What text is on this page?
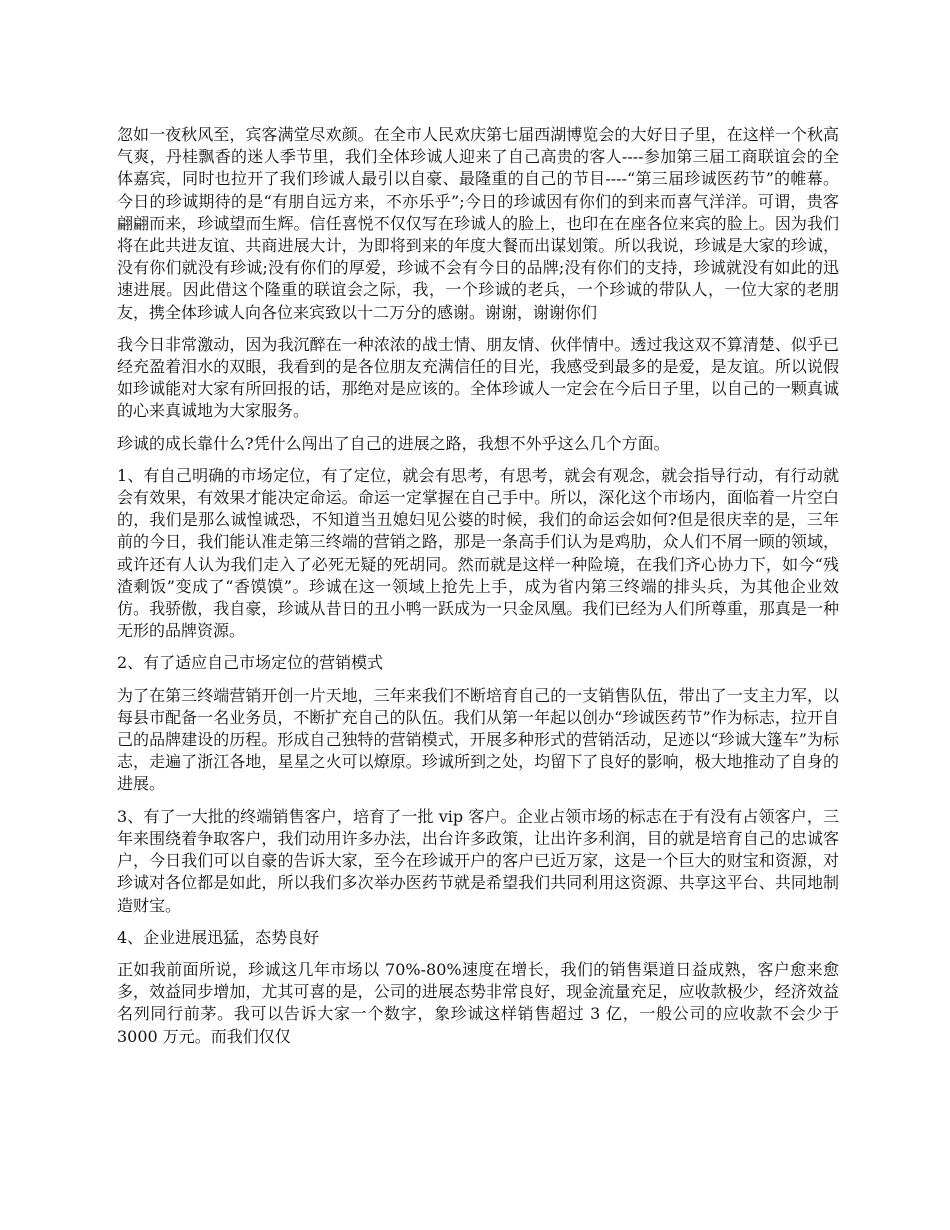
忽如一夜秋风至，宾客满堂尽欢颜。在全市人民欢庆第七届西湖博览会的大好日子里，在这样一个秋高气爽，丹桂飘香的迷人季节里，我们全体珍诚人迎来了自己高贵的客人----参加第三届工商联谊会的全体嘉宾，同时也拉开了我们珍诚人最引以自豪、最隆重的自己的节目----“第三届珍诚医药节”的帷幕。今日的珍诚期待的是“有朋自远方来，不亦乐乎”;今日的珍诚因有你们的到来而喜气洋洋。可谓，贵客翩翩而来，珍诚望而生辉。信任喜悦不仅仅写在珍诚人的脸上，也印在在座各位来宾的脸上。因为我们将在此共进友谊、共商进展大计，为即将到来的年度大餐而出谋划策。所以我说，珍诚是大家的珍诚，没有你们就没有珍诚;没有你们的厚爱，珍诚不会有今日的品牌;没有你们的支持，珍诚就没有如此的迅速进展。因此借这个隆重的联谊会之际，我，一个珍诚的老兵，一个珍诚的带队人，一位大家的老朋友，携全体珍诚人向各位来宾致以十二万分的感谢。谢谢，谢谢你们

我今日非常激动，因为我沉醉在一种浓浓的战士情、朋友情、伙伴情中。透过我这双不算清楚、似乎已经充盈着泪水的双眼，我看到的是各位朋友充满信任的目光，我感受到最多的是爱，是友谊。所以说假如珍诚能对大家有所回报的话，那绝对是应该的。全体珍诚人一定会在今后日子里，以自己的一颗真诚的心来真诚地为大家服务。

珍诚的成长靠什么?凭什么闯出了自己的进展之路，我想不外乎这么几个方面。

1、有自己明确的市场定位，有了定位，就会有思考，有思考，就会有观念，就会指导行动，有行动就会有效果，有效果才能决定命运。命运一定掌握在自己手中。所以，深化这个市场内，面临着一片空白的，我们是那么诚惶诚恐，不知道当丑媳妇见公婆的时候，我们的命运会如何?但是很庆幸的是，三年前的今日，我们能认准走第三终端的营销之路，那是一条高手们认为是鸡肋，众人们不屑一顾的领域，或许还有人认为我们走入了必死无疑的死胡同。然而就是这样一种险境，在我们齐心协力下，如今“残渣剩饭”变成了“香馍馍”。珍诚在这一领域上抢先上手，成为省内第三终端的排头兵，为其他企业效仿。我骄傲，我自豪，珍诚从昔日的丑小鸭一跃成为一只金凤凰。我们已经为人们所尊重，那真是一种无形的品牌资源。

2、有了适应自己市场定位的营销模式

为了在第三终端营销开创一片天地，三年来我们不断培育自己的一支销售队伍，带出了一支主力军，以每县市配备一名业务员，不断扩充自己的队伍。我们从第一年起以创办“珍诚医药节”作为标志，拉开自己的品牌建设的历程。形成自己独特的营销模式，开展多种形式的营销活动，足迹以“珍诚大篷车”为标志，走遍了浙江各地，星星之火可以燎原。珍诚所到之处，均留下了良好的影响，极大地推动了自身的进展。

3、有了一大批的终端销售客户，培育了一批 vip 客户。企业占领市场的标志在于有没有占领客户，三年来围绕着争取客户，我们动用许多办法，出台许多政策，让出许多利润，目的就是培育自己的忠诚客户，今日我们可以自豪的告诉大家，至今在珍诚开户的客户已近万家，这是一个巨大的财宝和资源，对珍诚对各位都是如此，所以我们多次举办医药节就是希望我们共同利用这资源、共享这平台、共同地制造财宝。

4、企业进展迅猛，态势良好

正如我前面所说，珍诚这几年市场以 70%-80%速度在增长，我们的销售渠道日益成熟，客户愈来愈多，效益同步增加，尤其可喜的是，公司的进展态势非常良好，现金流量充足，应收款极少，经济效益名列同行前茅。我可以告诉大家一个数字，象珍诚这样销售超过 3 亿，一般公司的应收款不会少于 3000 万元。而我们仅仅
